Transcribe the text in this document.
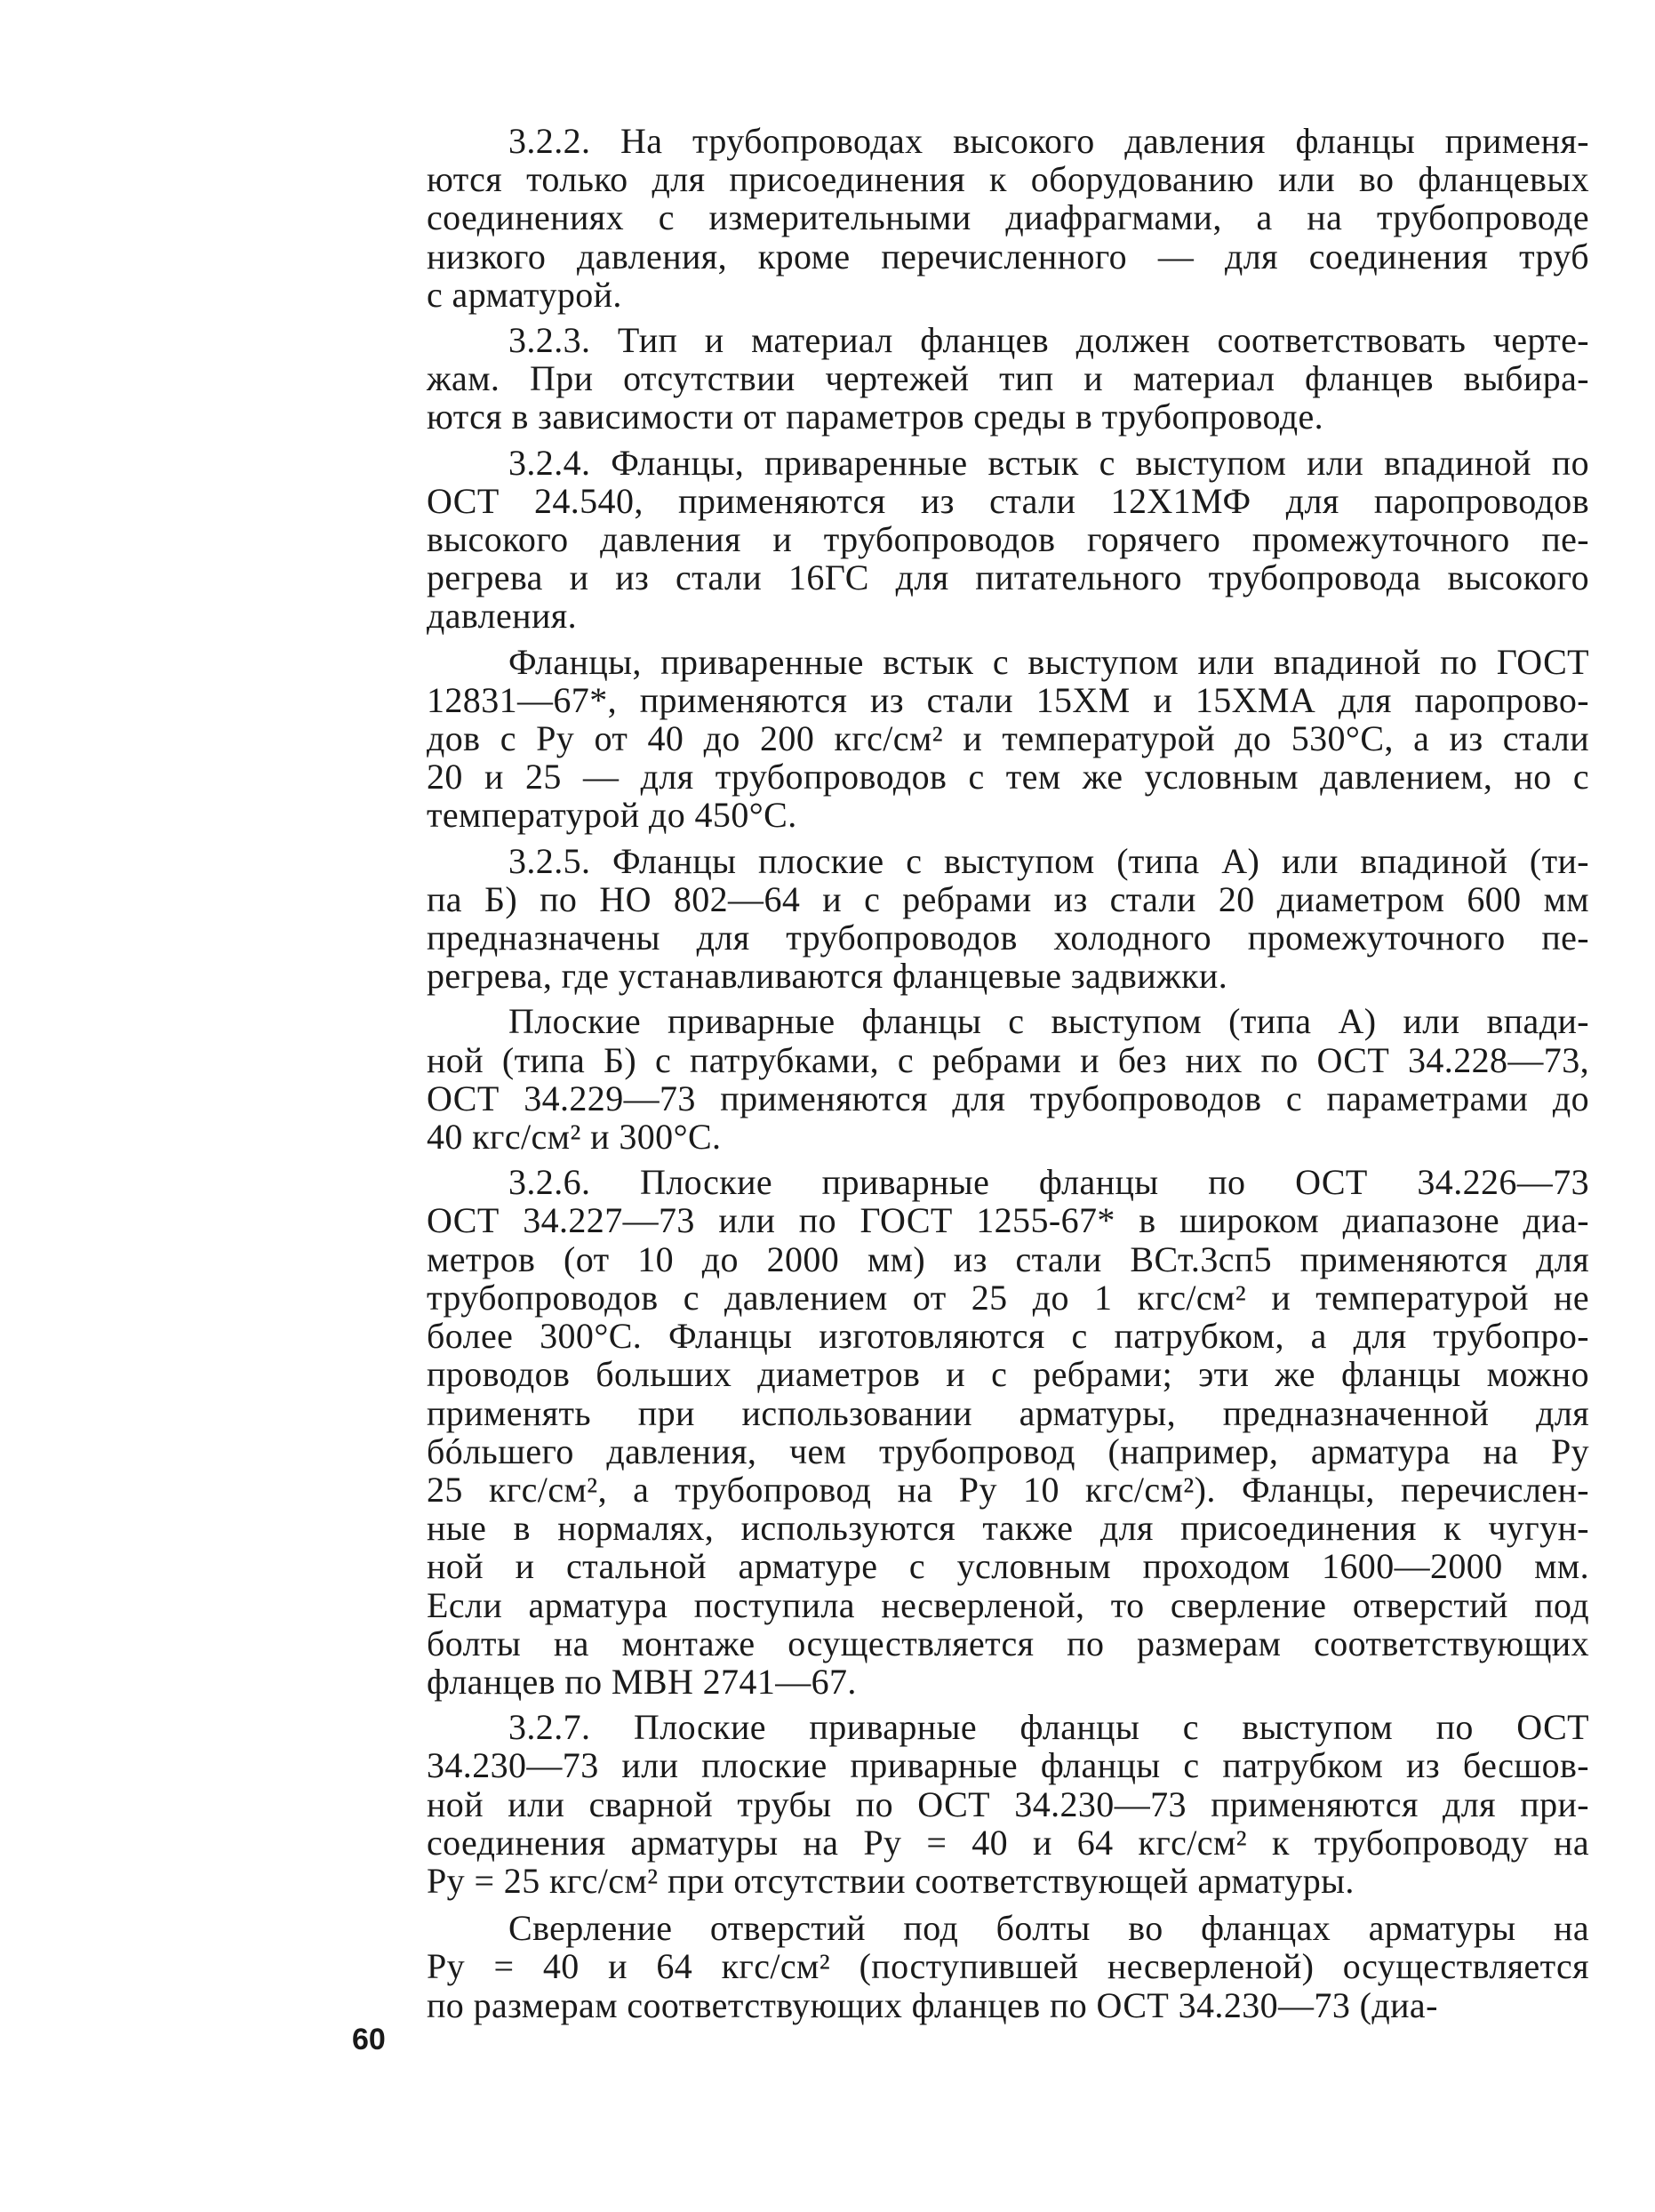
3.2.2. На трубопроводах высокого давления фланцы применя-
ются только для присоединения к оборудованию или во фланцевых
соединениях с измерительными диафрагмами, а на трубопроводе
низкого давления, кроме перечисленного — для соединения труб
с арматурой.
3.2.3. Тип и материал фланцев должен соответствовать черте-
жам. При отсутствии чертежей тип и материал фланцев выбира-
ются в зависимости от параметров среды в трубопроводе.
3.2.4. Фланцы, приваренные встык с выступом или впадиной по
ОСТ 24.540, применяются из стали 12Х1МФ для паропроводов
высокого давления и трубопроводов горячего промежуточного пе-
регрева и из стали 16ГС для питательного трубопровода высокого
давления.
Фланцы, приваренные встык с выступом или впадиной по ГОСТ
12831—67*, применяются из стали 15ХМ и 15ХМА для паропрово-
дов с Pу от 40 до 200 кгс/см² и температурой до 530°С, а из стали
20 и 25 — для трубопроводов с тем же условным давлением, но с
температурой до 450°С.
3.2.5. Фланцы плоские с выступом (типа А) или впадиной (ти-
па Б) по НО 802—64 и с ребрами из стали 20 диаметром 600 мм
предназначены для трубопроводов холодного промежуточного пе-
регрева, где устанавливаются фланцевые задвижки.
Плоские приварные фланцы с выступом (типа А) или впади-
ной (типа Б) с патрубками, с ребрами и без них по ОСТ 34.228—73,
ОСТ 34.229—73 применяются для трубопроводов с параметрами до
40 кгс/см² и 300°С.
3.2.6. Плоские приварные фланцы по ОСТ 34.226—73
ОСТ 34.227—73 или по ГОСТ 1255-67* в широком диапазоне диа-
метров (от 10 до 2000 мм) из стали ВСт.3сп5 применяются для
трубопроводов с давлением от 25 до 1 кгс/см² и температурой не
более 300°С. Фланцы изготовляются с патрубком, а для трубопро-
проводов больших диаметров и с ребрами; эти же фланцы можно
применять при использовании арматуры, предназначенной для
бóльшего давления, чем трубопровод (например, арматура на Pу
25 кгс/см², а трубопровод на Pу 10 кгс/см²). Фланцы, перечислен-
ные в нормалях, используются также для присоединения к чугун-
ной и стальной арматуре с условным проходом 1600—2000 мм.
Если арматура поступила несверленой, то сверление отверстий под
болты на монтаже осуществляется по размерам соответствующих
фланцев по МВН 2741—67.
3.2.7. Плоские приварные фланцы с выступом по ОСТ
34.230—73 или плоские приварные фланцы с патрубком из бесшов-
ной или сварной трубы по ОСТ 34.230—73 применяются для при-
соединения арматуры на Pу = 40 и 64 кгс/см² к трубопроводу на
Pу = 25 кгс/см² при отсутствии соответствующей арматуры.
Сверление отверстий под болты во фланцах арматуры на
Pу = 40 и 64 кгс/см² (поступившей несверленой) осуществляется
по размерам соответствующих фланцев по ОСТ 34.230—73 (диа-
60
